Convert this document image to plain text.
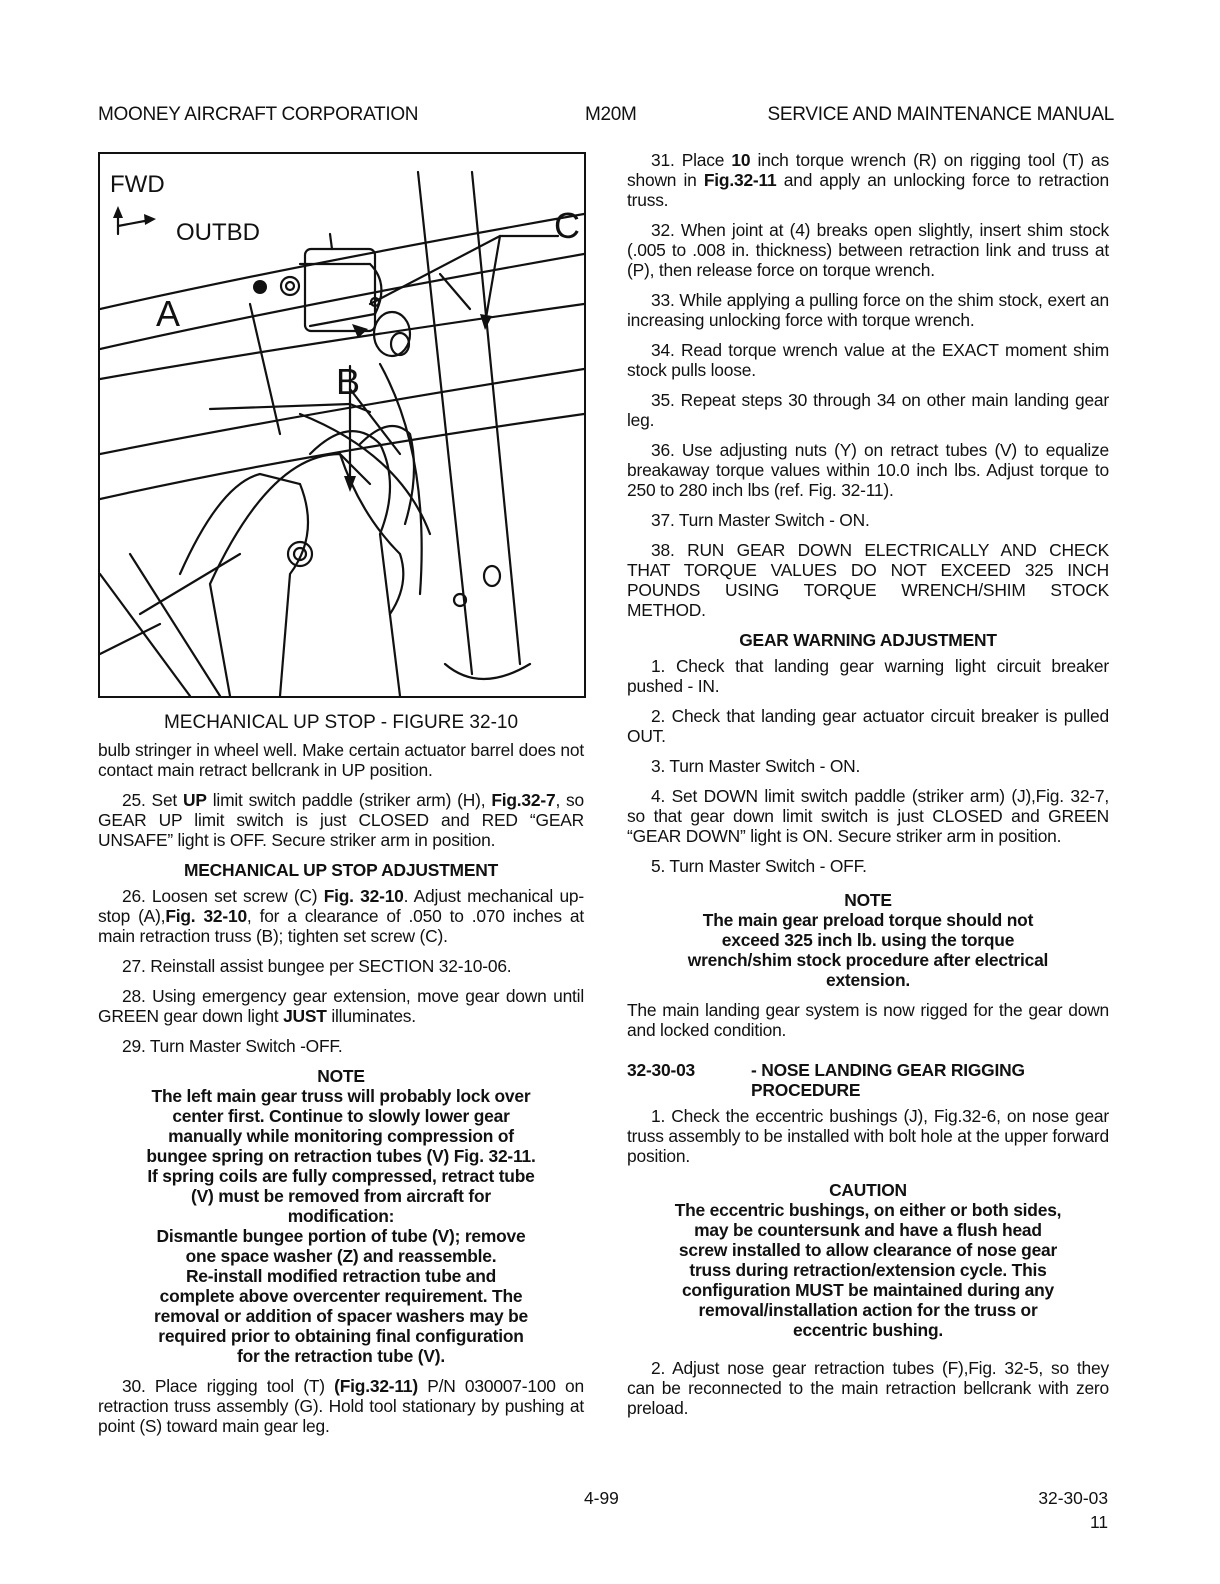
MOONEY AIRCRAFT CORPORATION	M20M	SERVICE AND MAINTENANCE MANUAL
FWD
OUTBD
A
B
C
MECHANICAL UP STOP - FIGURE 32-10

bulb stringer in wheel well. Make certain actuator barrel does not contact main retract bellcrank in UP position.

25. Set UP limit switch paddle (striker arm) (H), Fig.32-7, so GEAR UP limit switch is just CLOSED and RED “GEAR UNSAFE” light is OFF. Secure striker arm in position.

MECHANICAL UP STOP ADJUSTMENT

26. Loosen set screw (C) Fig. 32-10. Adjust mechanical up-stop (A),Fig. 32-10, for a clearance of .050 to .070 inches at main retraction truss (B); tighten set screw (C).

27. Reinstall assist bungee per SECTION 32-10-06.

28. Using emergency gear extension, move gear down until GREEN gear down light JUST illuminates.

29. Turn Master Switch -OFF.

NOTE
The left main gear truss will probably lock over
center first. Continue to slowly lower gear
manually while monitoring compression of
bungee spring on retraction tubes (V) Fig. 32-11.
If spring coils are fully compressed, retract tube
(V) must be removed from aircraft for
modification:
Dismantle bungee portion of tube (V); remove
one space washer (Z) and reassemble.
Re-install modified retraction tube and
complete above overcenter requirement. The
removal or addition of spacer washers may be
required prior to obtaining final configuration
for the retraction tube (V).

30. Place rigging tool (T) (Fig.32-11) P/N 030007-100 on retraction truss assembly (G). Hold tool stationary by pushing at point (S) toward main gear leg.

31. Place 10 inch torque wrench (R) on rigging tool (T) as shown in Fig.32-11 and apply an unlocking force to retraction truss.

32. When joint at (4) breaks open slightly, insert shim stock (.005 to .008 in. thickness) between retraction link and truss at (P), then release force on torque wrench.

33. While applying a pulling force on the shim stock, exert an increasing unlocking force with torque wrench.

34. Read torque wrench value at the EXACT moment shim stock pulls loose.

35. Repeat steps 30 through 34 on other main landing gear leg.

36. Use adjusting nuts (Y) on retract tubes (V) to equalize breakaway torque values within 10.0 inch lbs. Adjust torque to 250 to 280 inch lbs (ref. Fig. 32-11).

37. Turn Master Switch - ON.

38. RUN GEAR DOWN ELECTRICALLY AND CHECK THAT TORQUE VALUES DO NOT EXCEED 325 INCH POUNDS USING TORQUE WRENCH/SHIM STOCK METHOD.

GEAR WARNING ADJUSTMENT

1. Check that landing gear warning light circuit breaker pushed - IN.

2. Check that landing gear actuator circuit breaker is pulled OUT.

3. Turn Master Switch - ON.

4. Set DOWN limit switch paddle (striker arm) (J),Fig. 32-7, so that gear down limit switch is just CLOSED and GREEN “GEAR DOWN” light is ON. Secure striker arm in position.

5. Turn Master Switch - OFF.

NOTE
The main gear preload torque should not
exceed 325 inch lb. using the torque
wrench/shim stock procedure after electrical
extension.

The main landing gear system is now rigged for the gear down and locked condition.

32-30-03	- NOSE LANDING GEAR RIGGING PROCEDURE

1. Check the eccentric bushings (J), Fig.32-6, on nose gear truss assembly to be installed with bolt hole at the upper forward position.

CAUTION
The eccentric bushings, on either or both sides,
may be countersunk and have a flush head
screw installed to allow clearance of nose gear
truss during retraction/extension cycle. This
configuration MUST be maintained during any
removal/installation action for the truss or
eccentric bushing.

2. Adjust nose gear retraction tubes (F),Fig. 32-5, so they can be reconnected to the main retraction bellcrank with zero preload.

4-99	32-30-03
11
